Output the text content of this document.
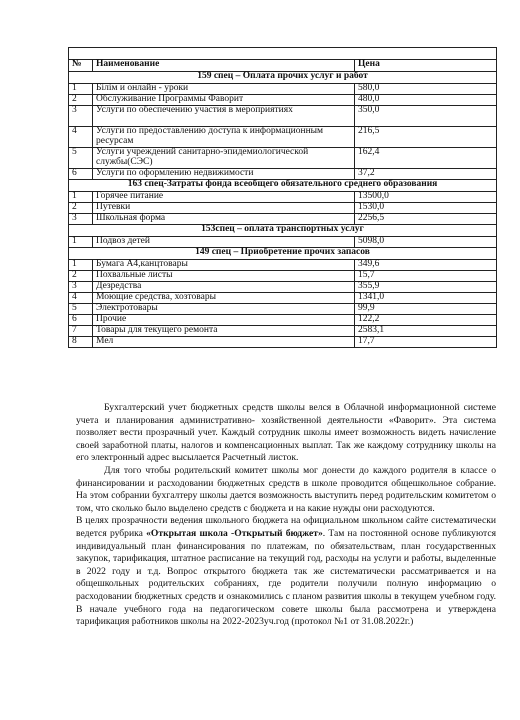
№	Наименование	Цена
159 спец – Оплата прочих услуг и работ		
1	Білім и онлайн - уроки	580,0
2	Обслуживание Программы Фаворит	480,0
3	Услуги по обеспечению участия в мероприятиях	350,0
4	Услуги по предоставлению доступа к информационным ресурсам	216,5
5	Услуги учреждений санитарно-эпидемиологической службы(СЭС)	162,4
6	Услуги по оформлению недвижимости	37,2
163 спец-Затраты фонда всеобщего обязательного среднего образования		
1	Горячее питание	13500,0
2	Путевки	1530,0
3	Школьная форма	2256,5
153спец – оплата транспортных услуг		
1	Подвоз детей	5098,0
149 спец – Приобретение прочих запасов		
1	Бумага А4,канцтовары	349,6
2	Похвальные листы	15,7
3	Дезредства	355,9
4	Моющие средства, хозтовары	1341,0
5	Электротовары	99,9
6	Прочие	122,2
7	Товары для текущего ремонта	2583,1
8	Мел	17,7

Бухгалтерский учет бюджетных средств школы велся в Облачной информационной системе учета и планирования административно- хозяйственной деятельности «Фаворит». Эта система позволяет вести прозрачный учет. Каждый сотрудник школы имеет возможность видеть начисление своей заработной платы, налогов и компенсационных выплат. Так же каждому сотруднику школы на его электронный адрес высылается Расчетный листок.

Для того чтобы родительский комитет школы мог донести до каждого родителя в классе о финансировании и расходовании бюджетных средств в школе проводится общешкольное собрание. На этом собрании бухгалтеру школы дается возможность выступить перед родительским комитетом о том, что сколько было выделено средств с бюджета и на какие нужды они расходуются.

В целях прозрачности ведения школьного бюджета на официальном школьном сайте систематически ведется рубрика «Открытая школа -Открытый бюджет». Там на постоянной основе публикуются индивидуальный план финансирования по платежам, по обязательствам, план государственных закупок, тарификация, штатное расписание на текущий год, расходы на услуги и работы, выделенные в 2022 году и т.д. Вопрос открытого бюджета так же систематически рассматривается и на общешкольных родительских собраниях, где родители получили полную информацию о расходовании бюджетных средств и ознакомились с планом развития школы в текущем учебном году. В начале учебного года на педагогическом совете школы была рассмотрена и утверждена тарификация работников школы на 2022-2023уч.год (протокол №1 от 31.08.2022г.)
